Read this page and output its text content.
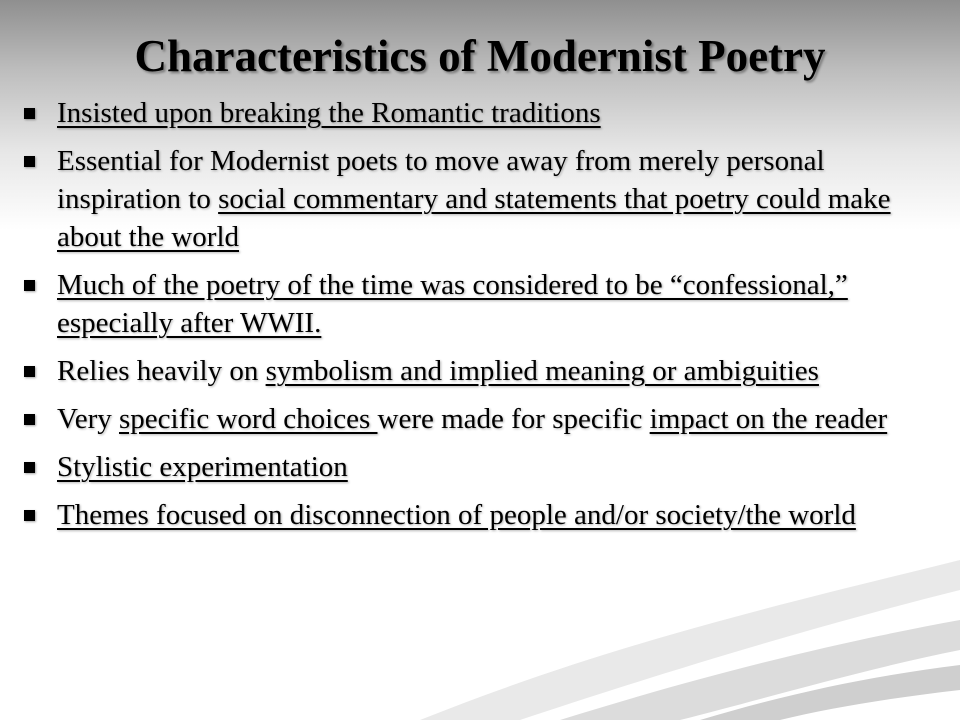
Characteristics of Modernist Poetry
Insisted upon breaking the Romantic traditions
Essential for Modernist poets to move away from merely personal inspiration to social commentary and statements that poetry could make about the world
Much of the poetry of the time was considered to be “confessional,” especially after WWII.
Relies heavily on symbolism and implied meaning or ambiguities
Very specific word choices were made for specific impact on the reader
Stylistic experimentation
Themes focused on disconnection of people and/or society/the world
